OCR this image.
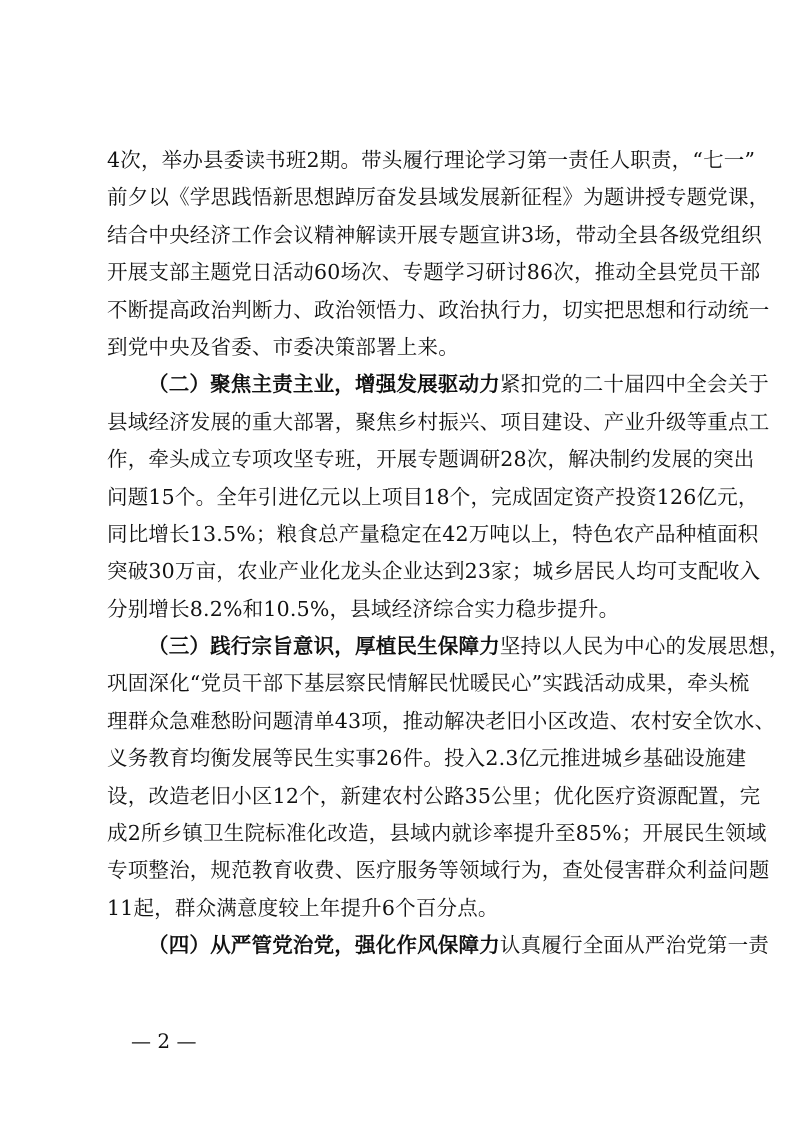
4次，举办县委读书班2期。带头履行理论学习第一责任人职责，“七一”
前夕以《学思践悟新思想踔厉奋发县域发展新征程》为题讲授专题党课，
结合中央经济工作会议精神解读开展专题宣讲3场，带动全县各级党组织
开展支部主题党日活动60场次、专题学习研讨86次，推动全县党员干部
不断提高政治判断力、政治领悟力、政治执行力，切实把思想和行动统一
到党中央及省委、市委决策部署上来。
（二）聚焦主责主业，增强发展驱动力紧扣党的二十届四中全会关于
县域经济发展的重大部署，聚焦乡村振兴、项目建设、产业升级等重点工
作，牵头成立专项攻坚专班，开展专题调研28次，解决制约发展的突出
问题15个。全年引进亿元以上项目18个，完成固定资产投资126亿元，
同比增长13.5%；粮食总产量稳定在42万吨以上，特色农产品种植面积
突破30万亩，农业产业化龙头企业达到23家；城乡居民人均可支配收入
分别增长8.2%和10.5%，县域经济综合实力稳步提升。
（三）践行宗旨意识，厚植民生保障力坚持以人民为中心的发展思想，
巩固深化“党员干部下基层察民情解民忧暖民心”实践活动成果，牵头梳
理群众急难愁盼问题清单43项，推动解决老旧小区改造、农村安全饮水、
义务教育均衡发展等民生实事26件。投入2.3亿元推进城乡基础设施建
设，改造老旧小区12个，新建农村公路35公里；优化医疗资源配置，完
成2所乡镇卫生院标准化改造，县域内就诊率提升至85%；开展民生领域
专项整治，规范教育收费、医疗服务等领域行为，查处侵害群众利益问题
11起，群众满意度较上年提升6个百分点。
（四）从严管党治党，强化作风保障力认真履行全面从严治党第一责
— 2 —
